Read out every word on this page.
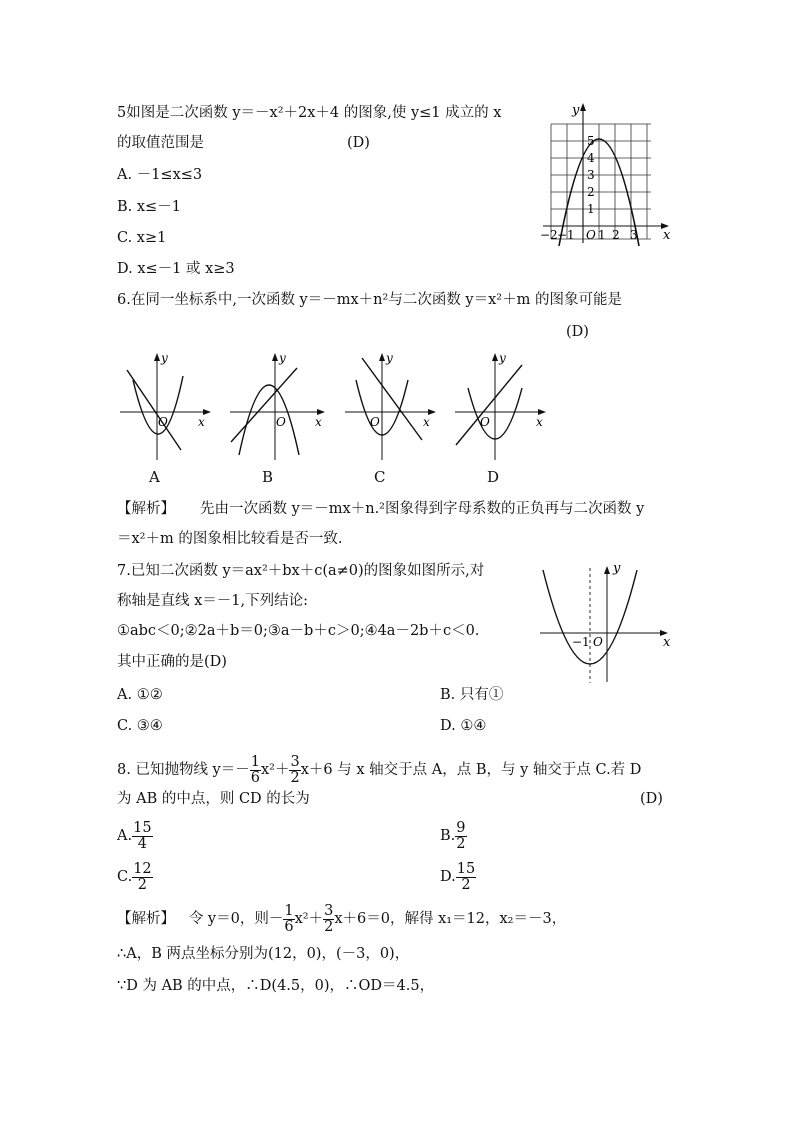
5如图是二次函数 y＝－x²＋2x＋4 的图象,使 y≤1 成立的 x
的取值范围是	(D)
A. －1≤x≤3
B. x≤－1
C. x≥1
D. x≤－1 或 x≥3
y
x
O
5
4
3
2
1
−2 −1 1 2 3
6.在同一坐标系中,一次函数 y＝－mx＋n²与二次函数 y＝x²＋m 的图象可能是
(D)
y
x
O
A
y
x
O
B
y
x
O
C
y
x
O
D
【解析】 先由一次函数 y＝－mx＋n.²图象得到字母系数的正负再与二次函数 y
＝x²＋m 的图象相比较看是否一致.
7.已知二次函数 y＝ax²＋bx＋c(a≠0)的图象如图所示,对
称轴是直线 x＝－1,下列结论:
①abc＜0;②2a＋b＝0;③a－b＋c＞0;④4a－2b＋c＜0.
其中正确的是(D)
A. ①②	B. 只有①
C. ③④	D. ①④
y
x
−1 O
8. 已知抛物线 $y=- \frac{1}{6} x^2+ \frac{3}{2} x+6$ 与 x 轴交于点 A，点 B，与 y 轴交于点 C.若 D
为 AB 的中点，则 CD 的长为	(D)
A. $\frac{15}{4}$	B. $\frac{9}{2}$
C. $\frac{12}{2}$	D. $\frac{15}{2}$
【解析】 令 y＝0，则－ $\frac{1}{6} x^2+ \frac{3}{2} x+6=0$，解得 x₁＝12，x₂＝－3，
∴A，B 两点坐标分别为(12，0)，(－3，0)，
∵D 为 AB 的中点，∴D(4.5，0)，∴OD＝4.5，
